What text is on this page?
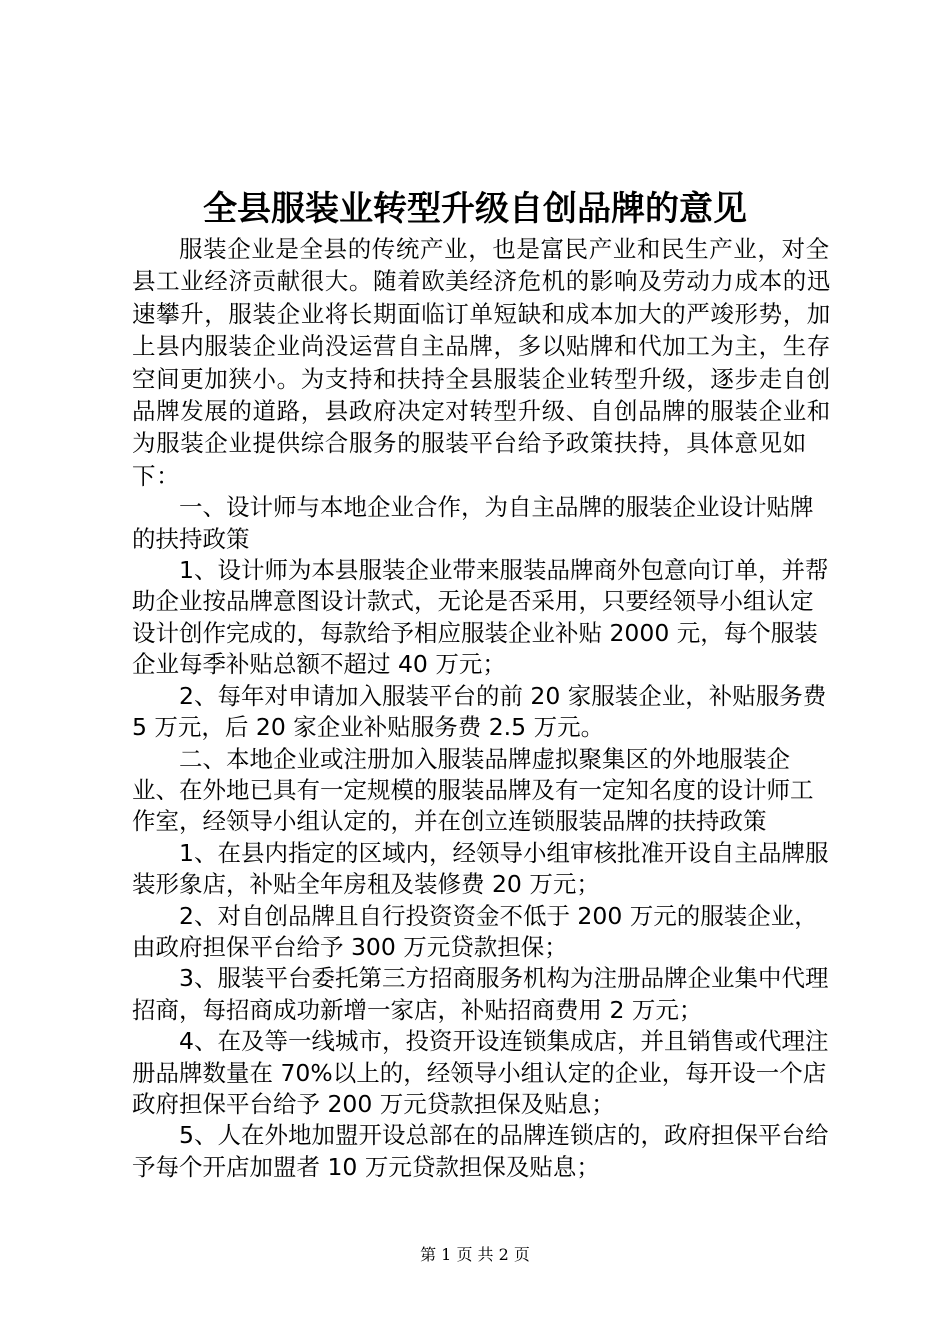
全县服装业转型升级自创品牌的意见

服装企业是全县的传统产业，也是富民产业和民生产业，对全县工业经济贡献很大。随着欧美经济危机的影响及劳动力成本的迅速攀升，服装企业将长期面临订单短缺和成本加大的严竣形势，加上县内服装企业尚没运营自主品牌，多以贴牌和代加工为主，生存空间更加狭小。为支持和扶持全县服装企业转型升级，逐步走自创品牌发展的道路，县政府决定对转型升级、自创品牌的服装企业和为服装企业提供综合服务的服装平台给予政策扶持，具体意见如下：

一、设计师与本地企业合作，为自主品牌的服装企业设计贴牌的扶持政策

1、设计师为本县服装企业带来服装品牌商外包意向订单，并帮助企业按品牌意图设计款式，无论是否采用，只要经领导小组认定设计创作完成的，每款给予相应服装企业补贴 2000 元，每个服装企业每季补贴总额不超过 40 万元；

2、每年对申请加入服装平台的前 20 家服装企业，补贴服务费 5 万元，后 20 家企业补贴服务费 2.5 万元。

二、本地企业或注册加入服装品牌虚拟聚集区的外地服装企业、在外地已具有一定规模的服装品牌及有一定知名度的设计师工作室，经领导小组认定的，并在创立连锁服装品牌的扶持政策

1、在县内指定的区域内，经领导小组审核批准开设自主品牌服装形象店，补贴全年房租及装修费 20 万元；

2、对自创品牌且自行投资资金不低于 200 万元的服装企业，由政府担保平台给予 300 万元贷款担保；

3、服装平台委托第三方招商服务机构为注册品牌企业集中代理招商，每招商成功新增一家店，补贴招商费用 2 万元；

4、在及等一线城市，投资开设连锁集成店，并且销售或代理注册品牌数量在 70%以上的，经领导小组认定的企业，每开设一个店政府担保平台给予 200 万元贷款担保及贴息；

5、人在外地加盟开设总部在的品牌连锁店的，政府担保平台给予每个开店加盟者 10 万元贷款担保及贴息；

第 1 页 共 2 页
